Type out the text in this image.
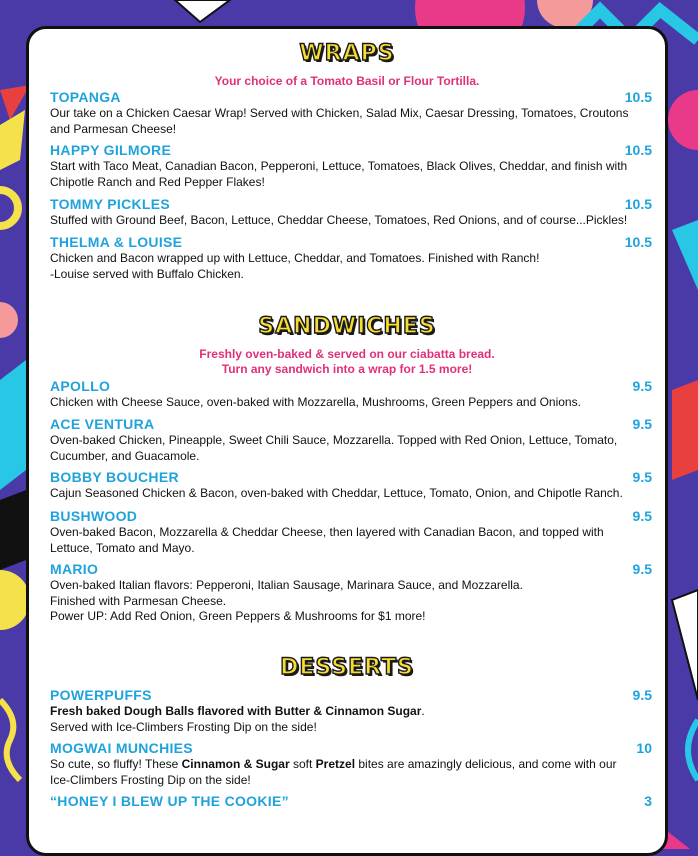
WRAPS
Your choice of a Tomato Basil or Flour Tortilla.
TOPANGA	10.5
Our take on a Chicken Caesar Wrap! Served with Chicken, Salad Mix, Caesar Dressing, Tomatoes, Croutons
and Parmesan Cheese!
HAPPY GILMORE	10.5
Start with Taco Meat, Canadian Bacon, Pepperoni, Lettuce, Tomatoes, Black Olives, Cheddar, and finish with
Chipotle Ranch and Red Pepper Flakes!
TOMMY PICKLES	10.5
Stuffed with Ground Beef, Bacon, Lettuce, Cheddar Cheese, Tomatoes, Red Onions, and of course...Pickles!
THELMA & LOUISE	10.5
Chicken and Bacon wrapped up with Lettuce, Cheddar, and Tomatoes. Finished with Ranch!
-Louise served with Buffalo Chicken.
SANDWICHES
Freshly oven-baked & served on our ciabatta bread.
Turn any sandwich into a wrap for 1.5 more!
APOLLO	9.5
Chicken with Cheese Sauce, oven-baked with Mozzarella, Mushrooms, Green Peppers and Onions.
ACE VENTURA	9.5
Oven-baked Chicken, Pineapple, Sweet Chili Sauce, Mozzarella. Topped with Red Onion, Lettuce, Tomato,
Cucumber, and Guacamole.
BOBBY BOUCHER	9.5
Cajun Seasoned Chicken & Bacon, oven-baked with Cheddar, Lettuce, Tomato, Onion, and Chipotle Ranch.
BUSHWOOD	9.5
Oven-baked Bacon, Mozzarella & Cheddar Cheese, then layered with Canadian Bacon, and topped with
Lettuce, Tomato and Mayo.
MARIO	9.5
Oven-baked Italian flavors: Pepperoni, Italian Sausage, Marinara Sauce, and Mozzarella.
Finished with Parmesan Cheese.
Power UP: Add Red Onion, Green Peppers & Mushrooms for $1 more!
DESSERTS
POWERPUFFS	9.5
Fresh baked Dough Balls flavored with Butter & Cinnamon Sugar.
Served with Ice-Climbers Frosting Dip on the side!
MOGWAI MUNCHIES	10
So cute, so fluffy! These Cinnamon & Sugar soft Pretzel bites are amazingly delicious, and come with our
Ice-Climbers Frosting Dip on the side!
“HONEY I BLEW UP THE COOKIE”	3
